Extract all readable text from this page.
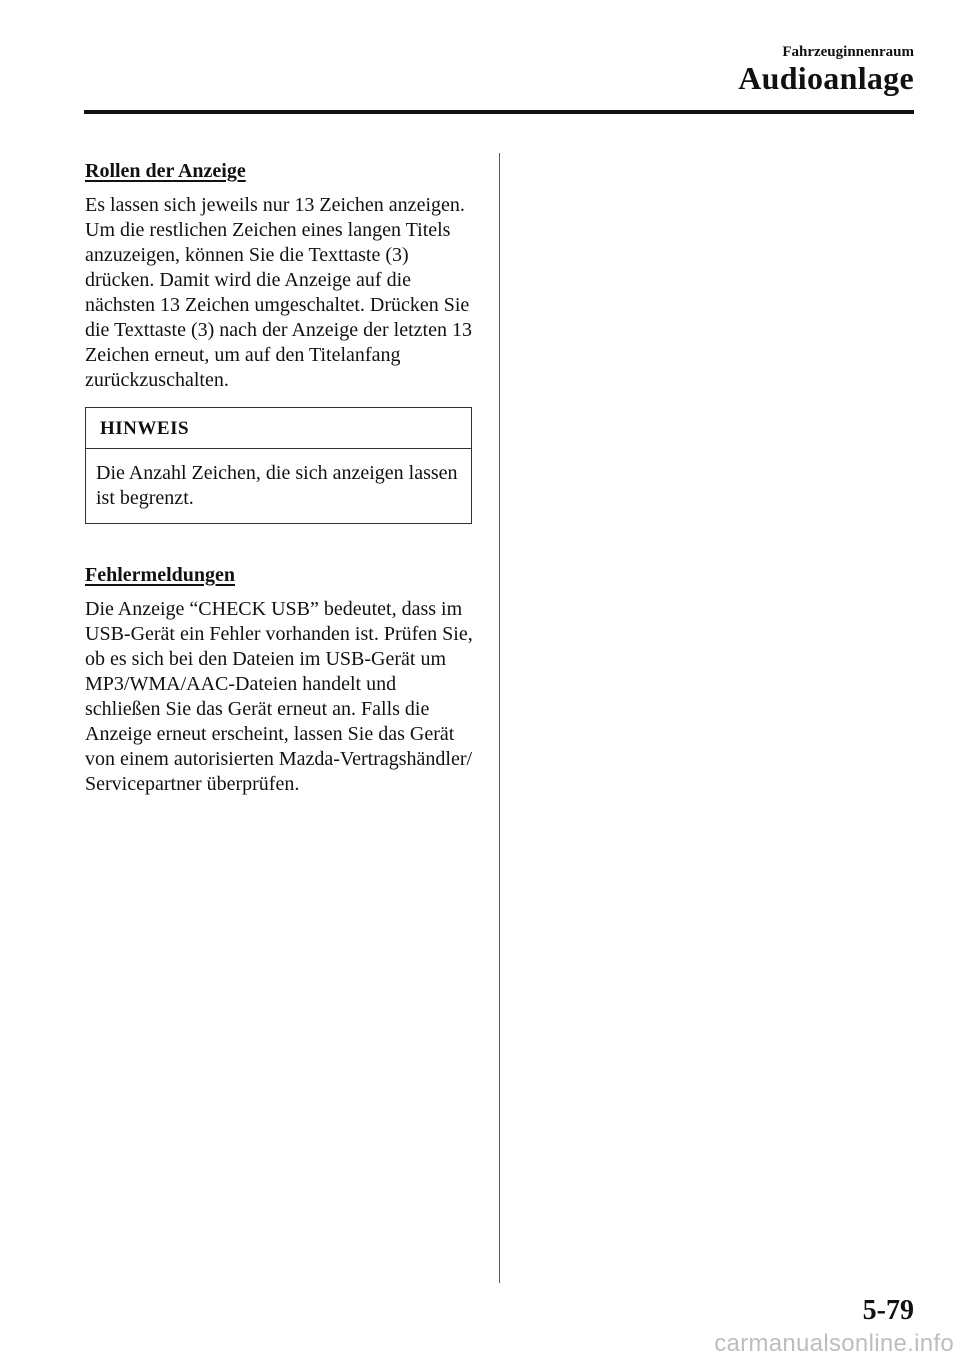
Fahrzeuginnenraum
Audioanlage
Rollen der Anzeige

Es lassen sich jeweils nur 13 Zeichen anzeigen. Um die restlichen Zeichen eines langen Titels anzuzeigen, können Sie die Texttaste (3) drücken. Damit wird die Anzeige auf die nächsten 13 Zeichen umgeschaltet. Drücken Sie die Texttaste (3) nach der Anzeige der letzten 13 Zeichen erneut, um auf den Titelanfang zurückzuschalten.

HINWEIS
Die Anzahl Zeichen, die sich anzeigen lassen ist begrenzt.
Fehlermeldungen

Die Anzeige “CHECK USB” bedeutet, dass im USB-Gerät ein Fehler vorhanden ist. Prüfen Sie, ob es sich bei den Dateien im USB-Gerät um MP3/WMA/AAC-Dateien handelt und schließen Sie das Gerät erneut an. Falls die Anzeige erneut erscheint, lassen Sie das Gerät von einem autorisierten Mazda-Vertragshändler/ Servicepartner überprüfen.

5-79
carmanualsonline.info
